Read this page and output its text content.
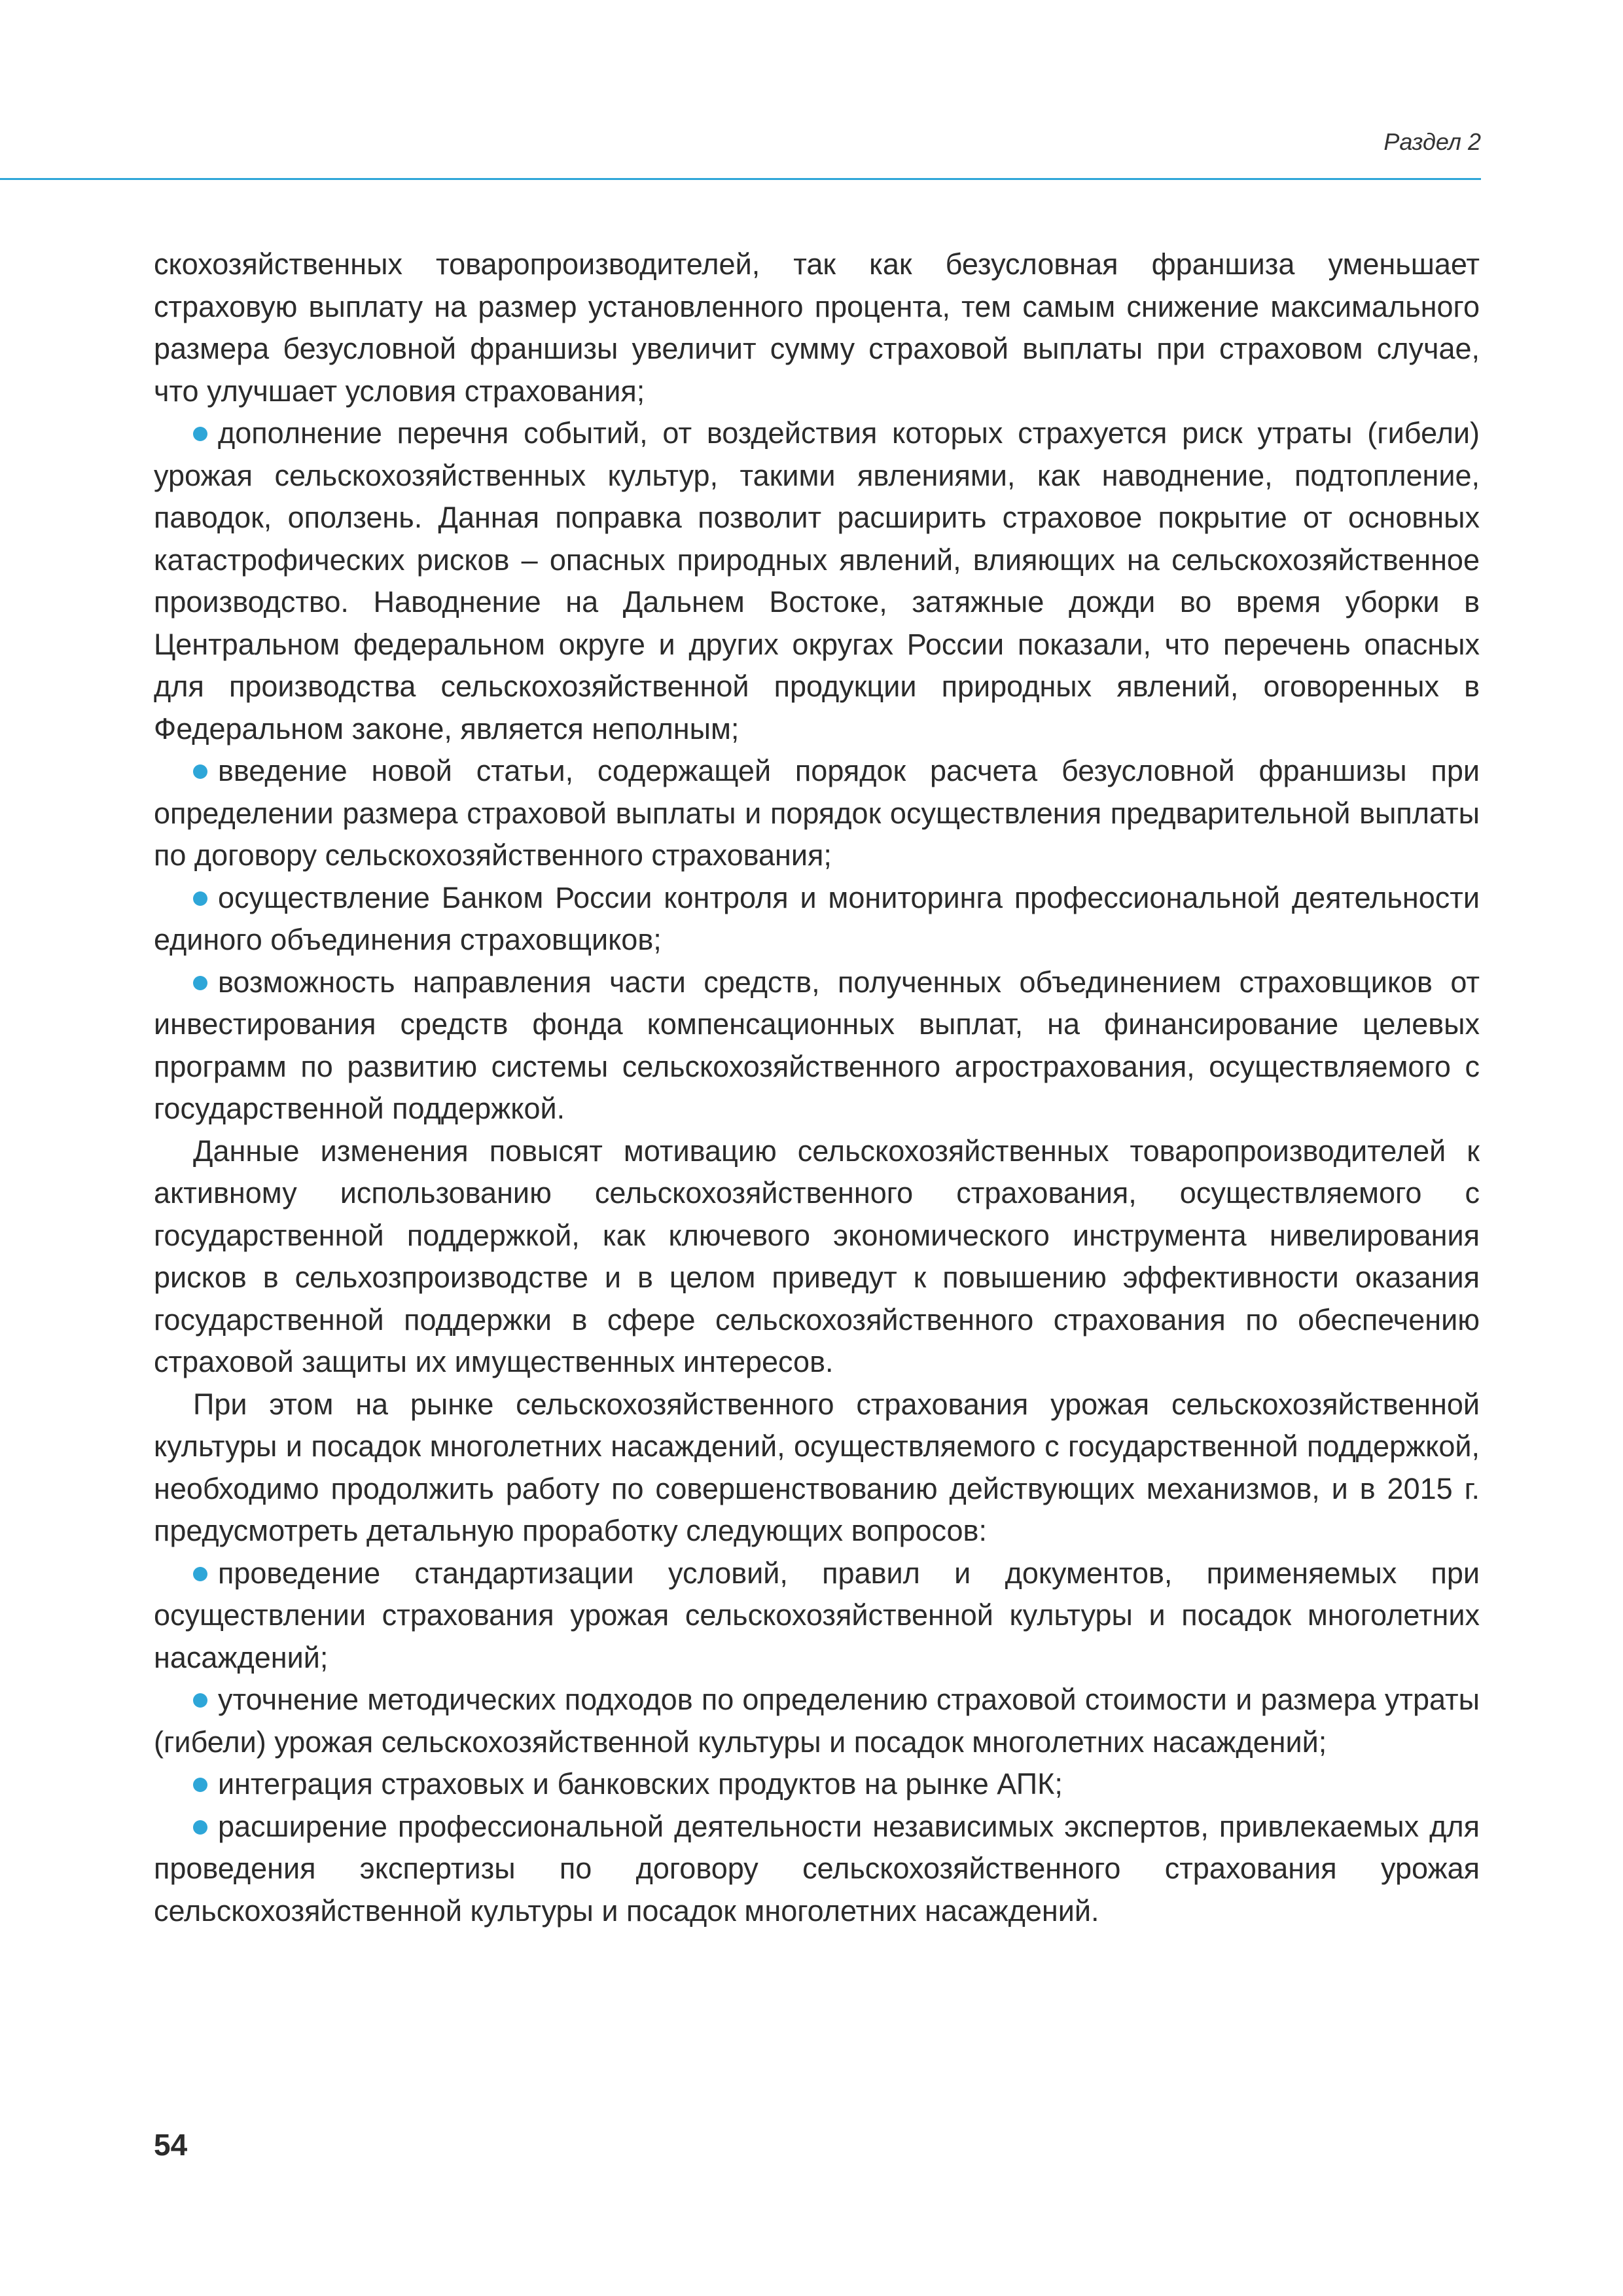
Раздел 2

скохозяйственных товаропроизводителей, так как безусловная франшиза уменьшает страховую выплату на размер установленного процента, тем самым снижение максимального размера безусловной франшизы увеличит сумму страховой выплаты при страховом случае, что улучшает условия страхования;

дополнение перечня событий, от воздействия которых страхуется риск утраты (гибели) урожая сельскохозяйственных культур, такими явлениями, как наводнение, подтопление, паводок, оползень. Данная поправка позволит расширить страховое покрытие от основных катастрофических рисков – опасных природных явлений, влияющих на сельскохозяйственное производство. Наводнение на Дальнем Востоке, затяжные дожди во время уборки в Центральном федеральном округе и других округах России показали, что перечень опасных для производства сельскохозяйственной продукции природных явлений, оговоренных в Федеральном законе, является неполным;

введение новой статьи, содержащей порядок расчета безусловной франшизы при определении размера страховой выплаты и порядок осуществления предварительной выплаты по договору сельскохозяйственного страхования;

осуществление Банком России контроля и мониторинга профессиональной деятельности единого объединения страховщиков;

возможность направления части средств, полученных объединением страховщиков от инвестирования средств фонда компенсационных выплат, на финансирование целевых программ по развитию системы сельскохозяйственного агрострахования, осуществляемого с государственной поддержкой.

Данные изменения повысят мотивацию сельскохозяйственных товаропроизводителей к активному использованию сельскохозяйственного страхования, осуществляемого с государственной поддержкой, как ключевого экономического инструмента нивелирования рисков в сельхозпроизводстве и в целом приведут к повышению эффективности оказания государственной поддержки в сфере сельскохозяйственного страхования по обеспечению страховой защиты их имущественных интересов.

При этом на рынке сельскохозяйственного страхования урожая сельскохозяйственной культуры и посадок многолетних насаждений, осуществляемого с государственной поддержкой, необходимо продолжить работу по совершенствованию действующих механизмов, и в 2015 г. предусмотреть детальную проработку следующих вопросов:

проведение стандартизации условий, правил и документов, применяемых при осуществлении страхования урожая сельскохозяйственной культуры и посадок многолетних насаждений;

уточнение методических подходов по определению страховой стоимости и размера утраты (гибели) урожая сельскохозяйственной культуры и посадок многолетних насаждений;

интеграция страховых и банковских продуктов на рынке АПК;

расширение профессиональной деятельности независимых экспертов, привлекаемых для проведения экспертизы по договору сельскохозяйственного страхования урожая сельскохозяйственной культуры и посадок многолетних насаждений.

54
